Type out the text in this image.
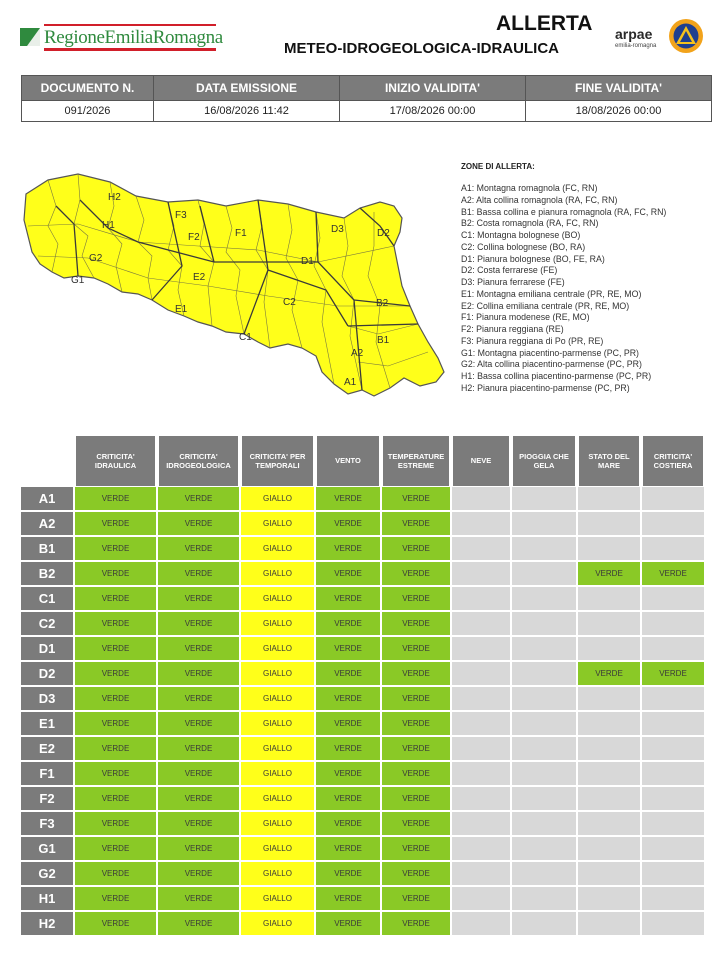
RegioneEmiliaRomagna
ALLERTA
METEO-IDROGEOLOGICA-IDRAULICA
arpae
emilia-romagna
DOCUMENTO N.	DATA EMISSIONE	INIZIO VALIDITA'	FINE VALIDITA'
091/2026	16/08/2026 11:42	17/08/2026 00:00	18/08/2026 00:00
H2
H1
F3
F2	F1	D3	D2
G2
G1	E2
D1
E1
C2	B2
C1	B1
A2
A1
ZONE DI ALLERTA:
A1: Montagna romagnola (FC, RN)
A2: Alta collina romagnola (RA, FC, RN)
B1: Bassa collina e pianura romagnola (RA, FC, RN)
B2: Costa romagnola (RA, FC, RN)
C1: Montagna bolognese (BO)
C2: Collina bolognese (BO, RA)
D1: Pianura bolognese (BO, FE, RA)
D2: Costa ferrarese (FE)
D3: Pianura ferrarese (FE)
E1: Montagna emiliana centrale (PR, RE, MO)
E2: Collina emiliana centrale (PR, RE, MO)
F1: Pianura modenese (RE, MO)
F2: Pianura reggiana (RE)
F3: Pianura reggiana di Po (PR, RE)
G1: Montagna piacentino-parmense (PC, PR)
G2: Alta collina piacentino-parmense (PC, PR)
H1: Bassa collina piacentino-parmense (PC, PR)
H2: Pianura piacentino-parmense (PC, PR)
	CRITICITA' IDRAULICA	CRITICITA' IDROGEOLOGICA	CRITICITA' PER TEMPORALI	VENTO	TEMPERATURE ESTREME	NEVE	PIOGGIA CHE GELA	STATO DEL MARE	CRITICITA' COSTIERA
A1	VERDE	VERDE	GIALLO	VERDE	VERDE				
A2	VERDE	VERDE	GIALLO	VERDE	VERDE				
B1	VERDE	VERDE	GIALLO	VERDE	VERDE				
B2	VERDE	VERDE	GIALLO	VERDE	VERDE			VERDE	VERDE
C1	VERDE	VERDE	GIALLO	VERDE	VERDE				
C2	VERDE	VERDE	GIALLO	VERDE	VERDE				
D1	VERDE	VERDE	GIALLO	VERDE	VERDE				
D2	VERDE	VERDE	GIALLO	VERDE	VERDE			VERDE	VERDE
D3	VERDE	VERDE	GIALLO	VERDE	VERDE				
E1	VERDE	VERDE	GIALLO	VERDE	VERDE				
E2	VERDE	VERDE	GIALLO	VERDE	VERDE				
F1	VERDE	VERDE	GIALLO	VERDE	VERDE				
F2	VERDE	VERDE	GIALLO	VERDE	VERDE				
F3	VERDE	VERDE	GIALLO	VERDE	VERDE				
G1	VERDE	VERDE	GIALLO	VERDE	VERDE				
G2	VERDE	VERDE	GIALLO	VERDE	VERDE				
H1	VERDE	VERDE	GIALLO	VERDE	VERDE				
H2	VERDE	VERDE	GIALLO	VERDE	VERDE				
